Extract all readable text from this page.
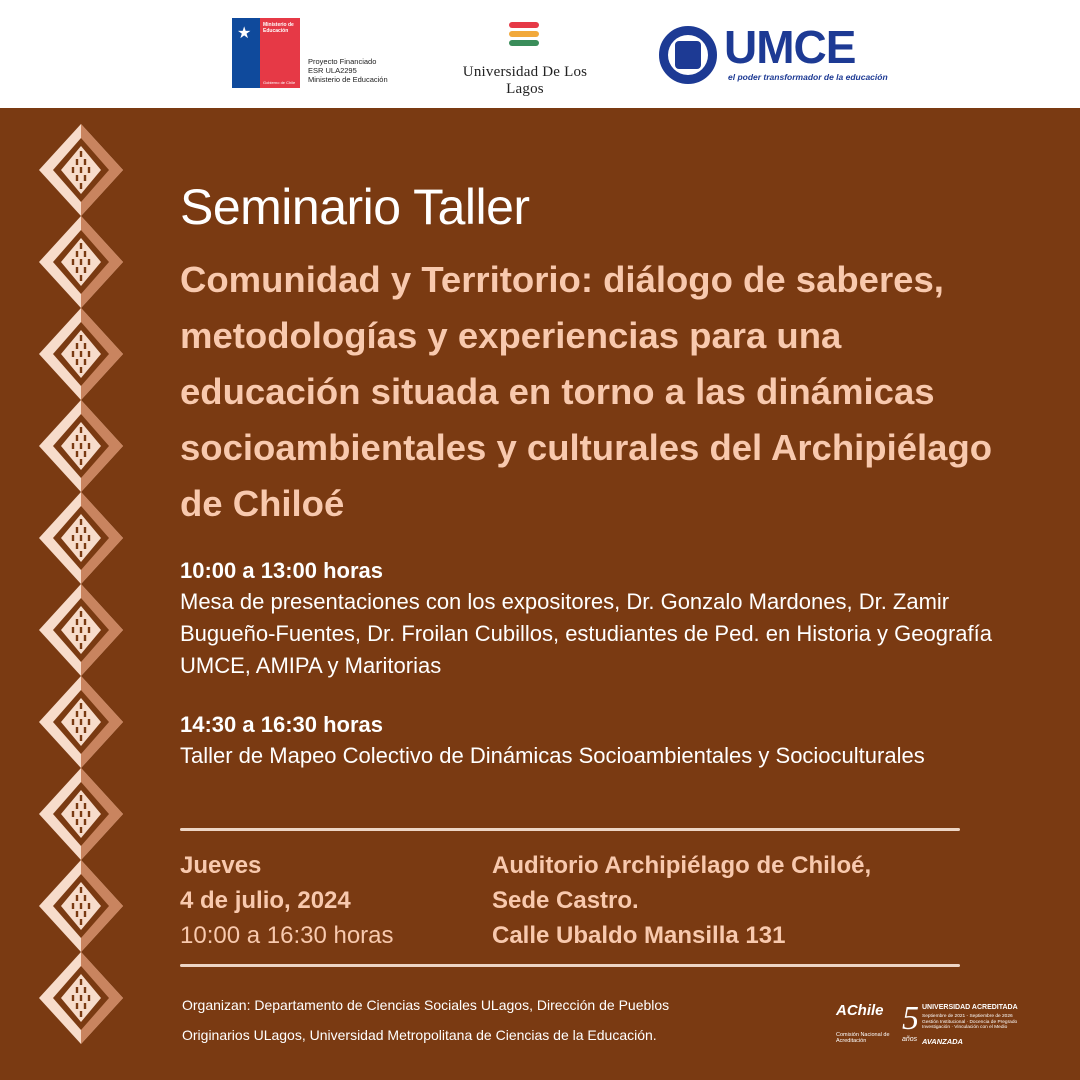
★ Ministerio de Educación
Gobierno de Chile
Proyecto Financiado
ESR ULA2295
Ministerio de Educación	Universidad De Los Lagos
UMCE
el poder transformador de la educación
Seminario Taller
Comunidad y Territorio: diálogo de saberes, metodologías y experiencias para una educación situada en torno a las dinámicas socioambientales y culturales del Archipiélago de Chiloé
10:00 a 13:00 horas
Mesa de presentaciones con los expositores, Dr. Gonzalo Mardones, Dr. Zamir Bugueño-Fuentes, Dr. Froilan Cubillos, estudiantes de Ped. en Historia y Geografía UMCE, AMIPA y Maritorias
14:30 a 16:30 horas
Taller de Mapeo Colectivo de Dinámicas Socioambientales y Socioculturales
Jueves
4 de julio, 2024
10:00 a 16:30 horas
Auditorio Archipiélago de Chiloé,
Sede Castro.
Calle Ubaldo Mansilla 131
Organizan: Departamento de Ciencias Sociales ULagos, Dirección de Pueblos
Originarios ULagos, Universidad Metropolitana de Ciencias de la Educación.
AChile
Comisión Nacional de Acreditación
5
años
UNIVERSIDAD ACREDITADA
Septiembre de 2021 - Septiembre de 2026
Gestión Institucional · Docencia de Pregrado Investigación · Vinculación con el Medio
AVANZADA
